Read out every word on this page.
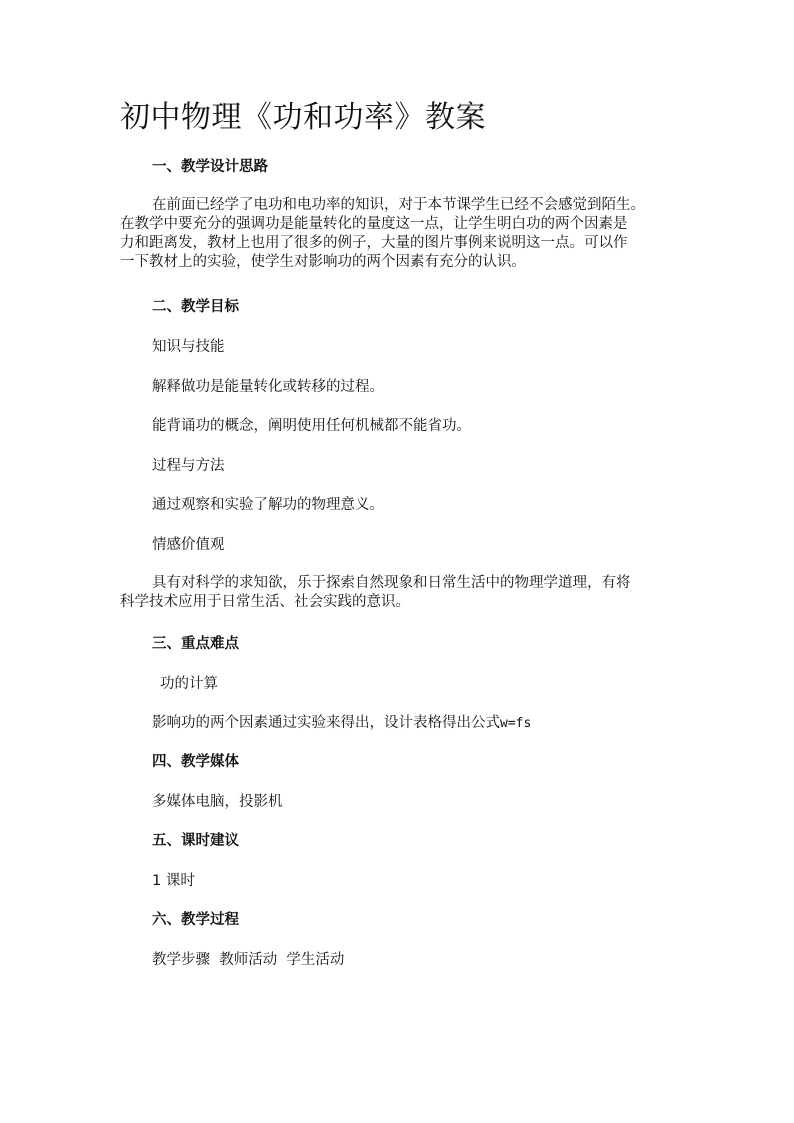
初中物理《功和功率》教案
一、教学设计思路
在前面已经学了电功和电功率的知识，对于本节课学生已经不会感觉到陌生。
在教学中要充分的强调功是能量转化的量度这一点，让学生明白功的两个因素是
力和距离发，教材上也用了很多的例子，大量的图片事例来说明这一点。可以作
一下教材上的实验，使学生对影响功的两个因素有充分的认识。
二、教学目标
知识与技能
解释做功是能量转化或转移的过程。
能背诵功的概念，阐明使用任何机械都不能省功。
过程与方法
通过观察和实验了解功的物理意义。
情感价值观
具有对科学的求知欲，乐于探索自然现象和日常生活中的物理学道理，有将
科学技术应用于日常生活、社会实践的意识。
三、重点难点
功的计算
影响功的两个因素通过实验来得出，设计表格得出公式w=fs
四、教学媒体
多媒体电脑，投影机
五、课时建议
1 课时
六、教学过程
教学步骤  教师活动  学生活动
